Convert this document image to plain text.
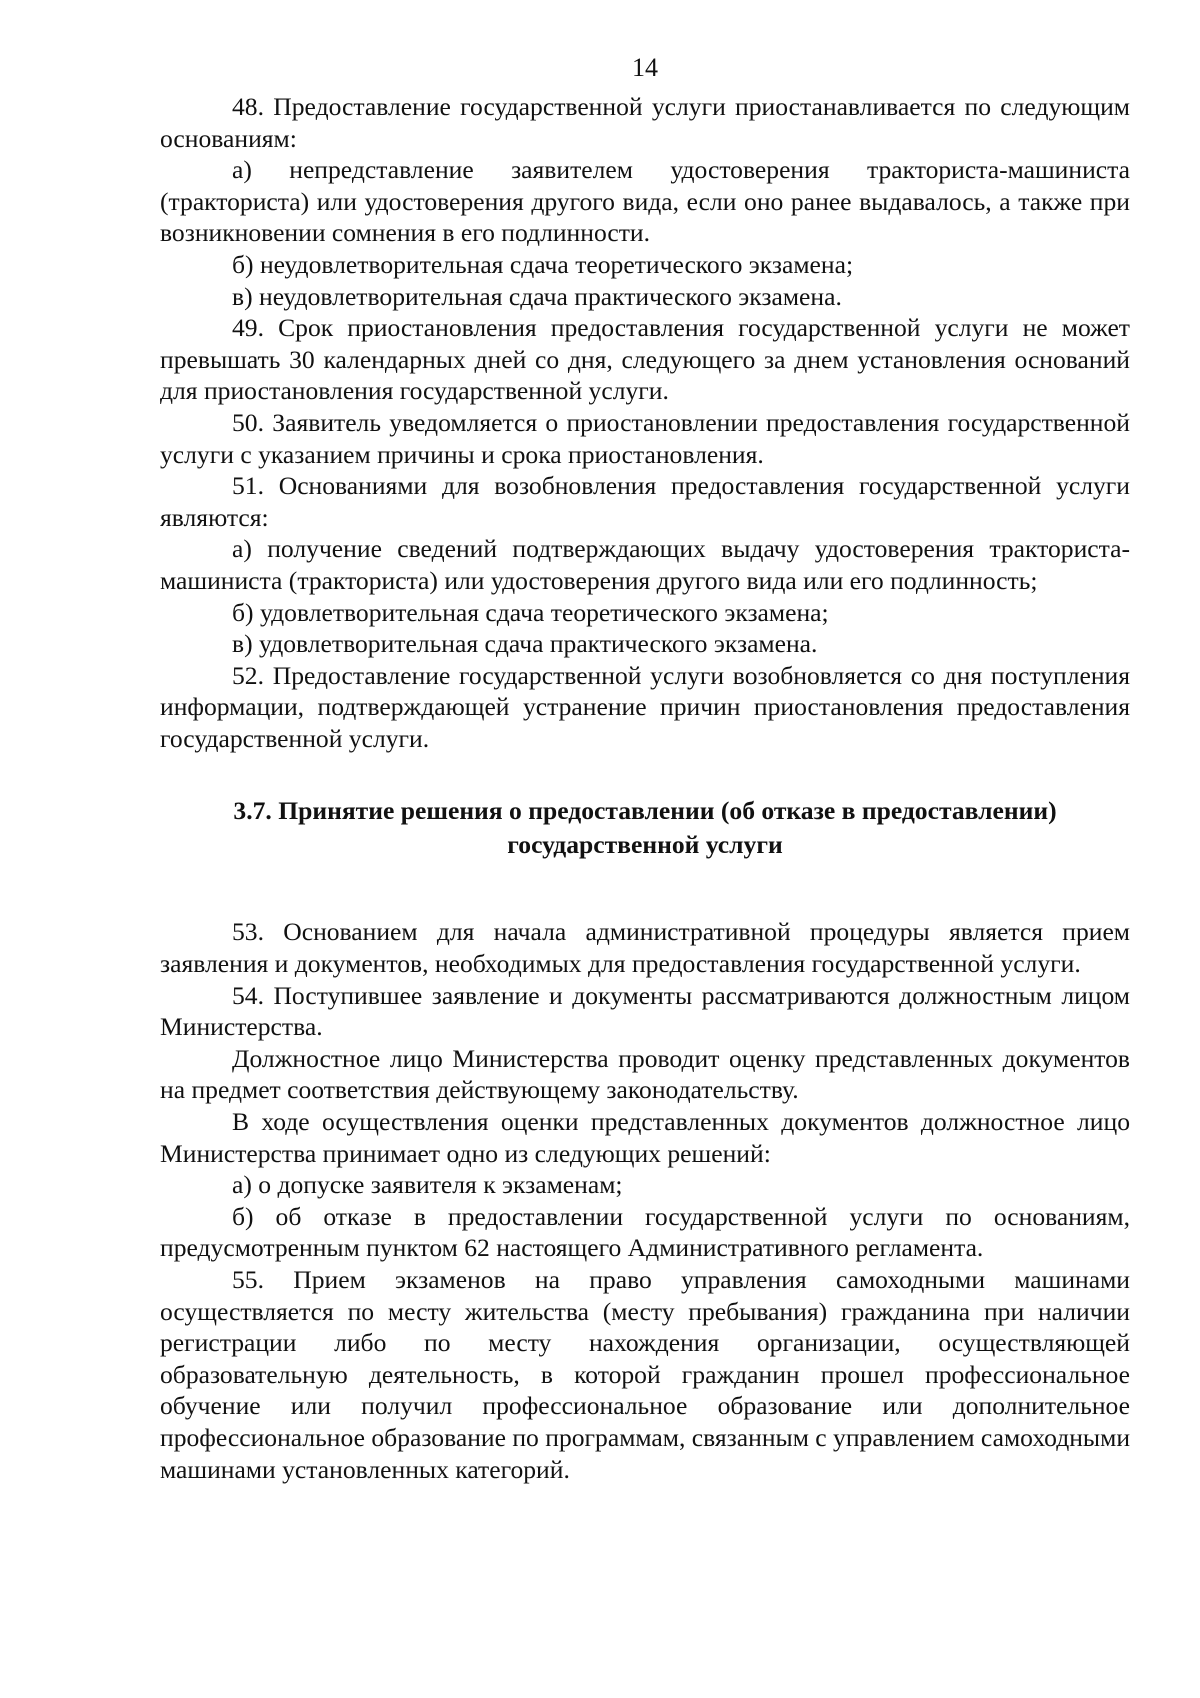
14

48. Предоставление государственной услуги приостанавливается по следующим основаниям:

а) непредставление заявителем удостоверения тракториста-машиниста (тракториста) или удостоверения другого вида, если оно ранее выдавалось, а также при возникновении сомнения в его подлинности.

б) неудовлетворительная сдача теоретического экзамена;

в) неудовлетворительная сдача практического экзамена.

49. Срок приостановления предоставления государственной услуги не может превышать 30 календарных дней со дня, следующего за днем установления оснований для приостановления государственной услуги.

50. Заявитель уведомляется о приостановлении предоставления государственной услуги с указанием причины и срока приостановления.

51. Основаниями для возобновления предоставления государственной услуги являются:

а) получение сведений подтверждающих выдачу удостоверения тракториста-машиниста (тракториста) или удостоверения другого вида или его подлинность;

б) удовлетворительная сдача теоретического экзамена;

в) удовлетворительная сдача практического экзамена.

52. Предоставление государственной услуги возобновляется со дня поступления информации, подтверждающей устранение причин приостановления предоставления государственной услуги.

3.7. Принятие решения о предоставлении (об отказе в предоставлении)
государственной услуги

53. Основанием для начала административной процедуры является прием заявления и документов, необходимых для предоставления государственной услуги.

54. Поступившее заявление и документы рассматриваются должностным лицом Министерства.

Должностное лицо Министерства проводит оценку представленных документов на предмет соответствия действующему законодательству.

В ходе осуществления оценки представленных документов должностное лицо Министерства принимает одно из следующих решений:

а) о допуске заявителя к экзаменам;

б) об отказе в предоставлении государственной услуги по основаниям, предусмотренным пунктом 62 настоящего Административного регламента.

55. Прием экзаменов на право управления самоходными машинами осуществляется по месту жительства (месту пребывания) гражданина при наличии регистрации либо по месту нахождения организации, осуществляющей образовательную деятельность, в которой гражданин прошел профессиональное обучение или получил профессиональное образование или дополнительное профессиональное образование по программам, связанным с управлением самоходными машинами установленных категорий.
